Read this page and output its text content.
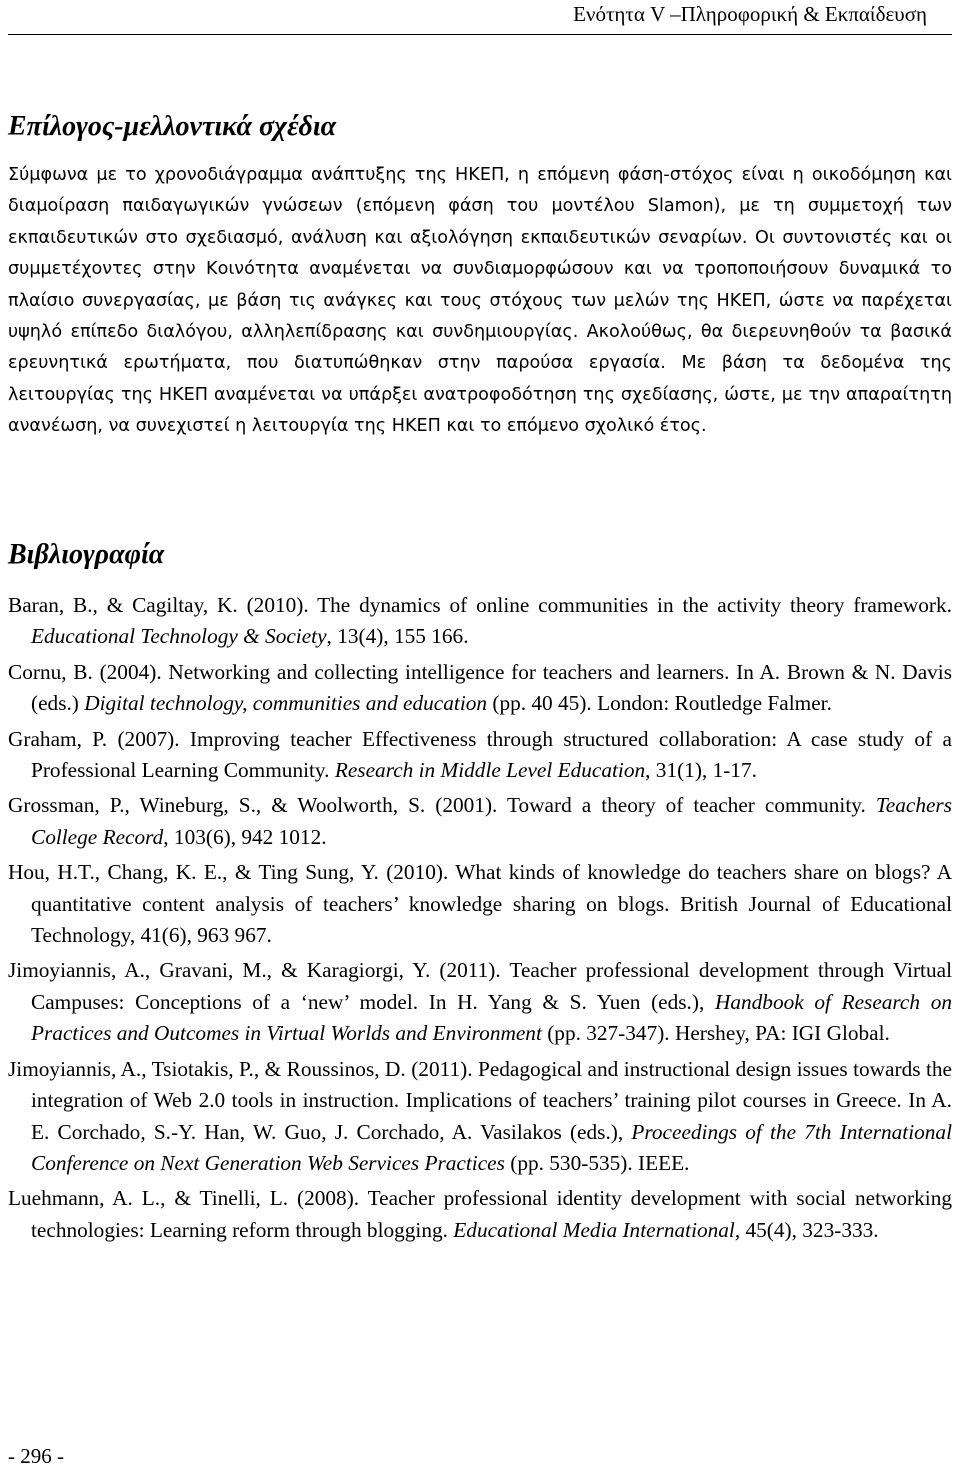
Ενότητα V –Πληροφορική & Εκπαίδευση
Επίλογος-μελλοντικά σχέδια

Σύμφωνα με το χρονοδιάγραμμα ανάπτυξης της ΗΚΕΠ, η επόμενη φάση-στόχος είναι η οικοδόμηση και διαμοίραση παιδαγωγικών γνώσεων (επόμενη φάση του μοντέλου Slamon), με τη συμμετοχή των εκπαιδευτικών στο σχεδιασμό, ανάλυση και αξιολόγηση εκπαιδευτικών σεναρίων. Οι συντονιστές και οι συμμετέχοντες στην Κοινότητα αναμένεται να συνδιαμορφώσουν και να τροποποιήσουν δυναμικά το πλαίσιο συνεργασίας, με βάση τις ανάγκες και τους στόχους των μελών της ΗΚΕΠ, ώστε να παρέχεται υψηλό επίπεδο διαλόγου, αλληλεπίδρασης και συνδημιουργίας. Ακολούθως, θα διερευνηθούν τα βασικά ερευνητικά ερωτήματα, που διατυπώθηκαν στην παρούσα εργασία. Με βάση τα δεδομένα της λειτουργίας της ΗΚΕΠ αναμένεται να υπάρξει ανατροφοδότηση της σχεδίασης, ώστε, με την απαραίτητη ανανέωση, να συνεχιστεί η λειτουργία της ΗΚΕΠ και το επόμενο σχολικό έτος.

Βιβλιογραφία
Baran, B., & Cagiltay, K. (2010). The dynamics of online communities in the activity theory framework. Educational Technology & Society, 13(4), 155 166.
Cornu, B. (2004). Networking and collecting intelligence for teachers and learners. In A. Brown & N. Davis (eds.) Digital technology, communities and education (pp. 40 45). London: Routledge Falmer.
Graham, P. (2007). Improving teacher Effectiveness through structured collaboration: A case study of a Professional Learning Community. Research in Middle Level Education, 31(1), 1-17.
Grossman, P., Wineburg, S., & Woolworth, S. (2001). Toward a theory of teacher community. Teachers College Record, 103(6), 942 1012.
Hou, H.T., Chang, K. E., & Ting Sung, Y. (2010). What kinds of knowledge do teachers share on blogs? A quantitative content analysis of teachers’ knowledge sharing on blogs. British Journal of Educational Technology, 41(6), 963 967.
Jimoyiannis, A., Gravani, M., & Karagiorgi, Y. (2011). Teacher professional development through Virtual Campuses: Conceptions of a ‘new’ model. In H. Yang & S. Yuen (eds.), Handbook of Research on Practices and Outcomes in Virtual Worlds and Environment (pp. 327-347). Hershey, PA: IGI Global.
Jimoyiannis, A., Tsiotakis, P., & Roussinos, D. (2011). Pedagogical and instructional design issues towards the integration of Web 2.0 tools in instruction. Implications of teachers’ training pilot courses in Greece. In A. E. Corchado, S.-Y. Han, W. Guo, J. Corchado, A. Vasilakos (eds.), Proceedings of the 7th International Conference on Next Generation Web Services Practices (pp. 530-535). IEEE.
Luehmann, A. L., & Tinelli, L. (2008). Teacher professional identity development with social networking technologies: Learning reform through blogging. Educational Media International, 45(4), 323-333.
- 296 -
